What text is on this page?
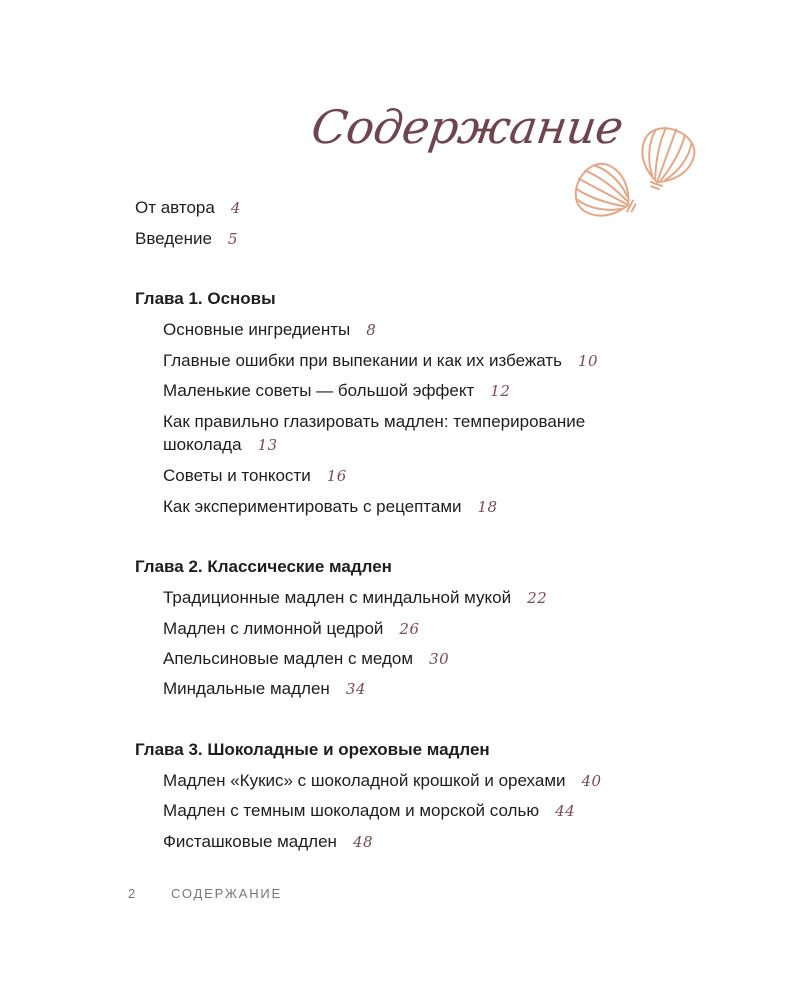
Содержание
От автора 4
Введение 5
Глава 1. Основы
Основные ингредиенты 8
Главные ошибки при выпекании и как их избежать 10
Маленькие советы — большой эффект 12
Как правильно глазировать мадлен: темперирование шоколада 13
Советы и тонкости 16
Как экспериментировать с рецептами 18
Глава 2. Классические мадлен
Традиционные мадлен с миндальной мукой 22
Мадлен с лимонной цедрой 26
Апельсиновые мадлен с медом 30
Миндальные мадлен 34
Глава 3. Шоколадные и ореховые мадлен
Мадлен «Кукис» с шоколадной крошкой и орехами 40
Мадлен с темным шоколадом и морской солью 44
Фисташковые мадлен 48
2	СОДЕРЖАНИЕ
